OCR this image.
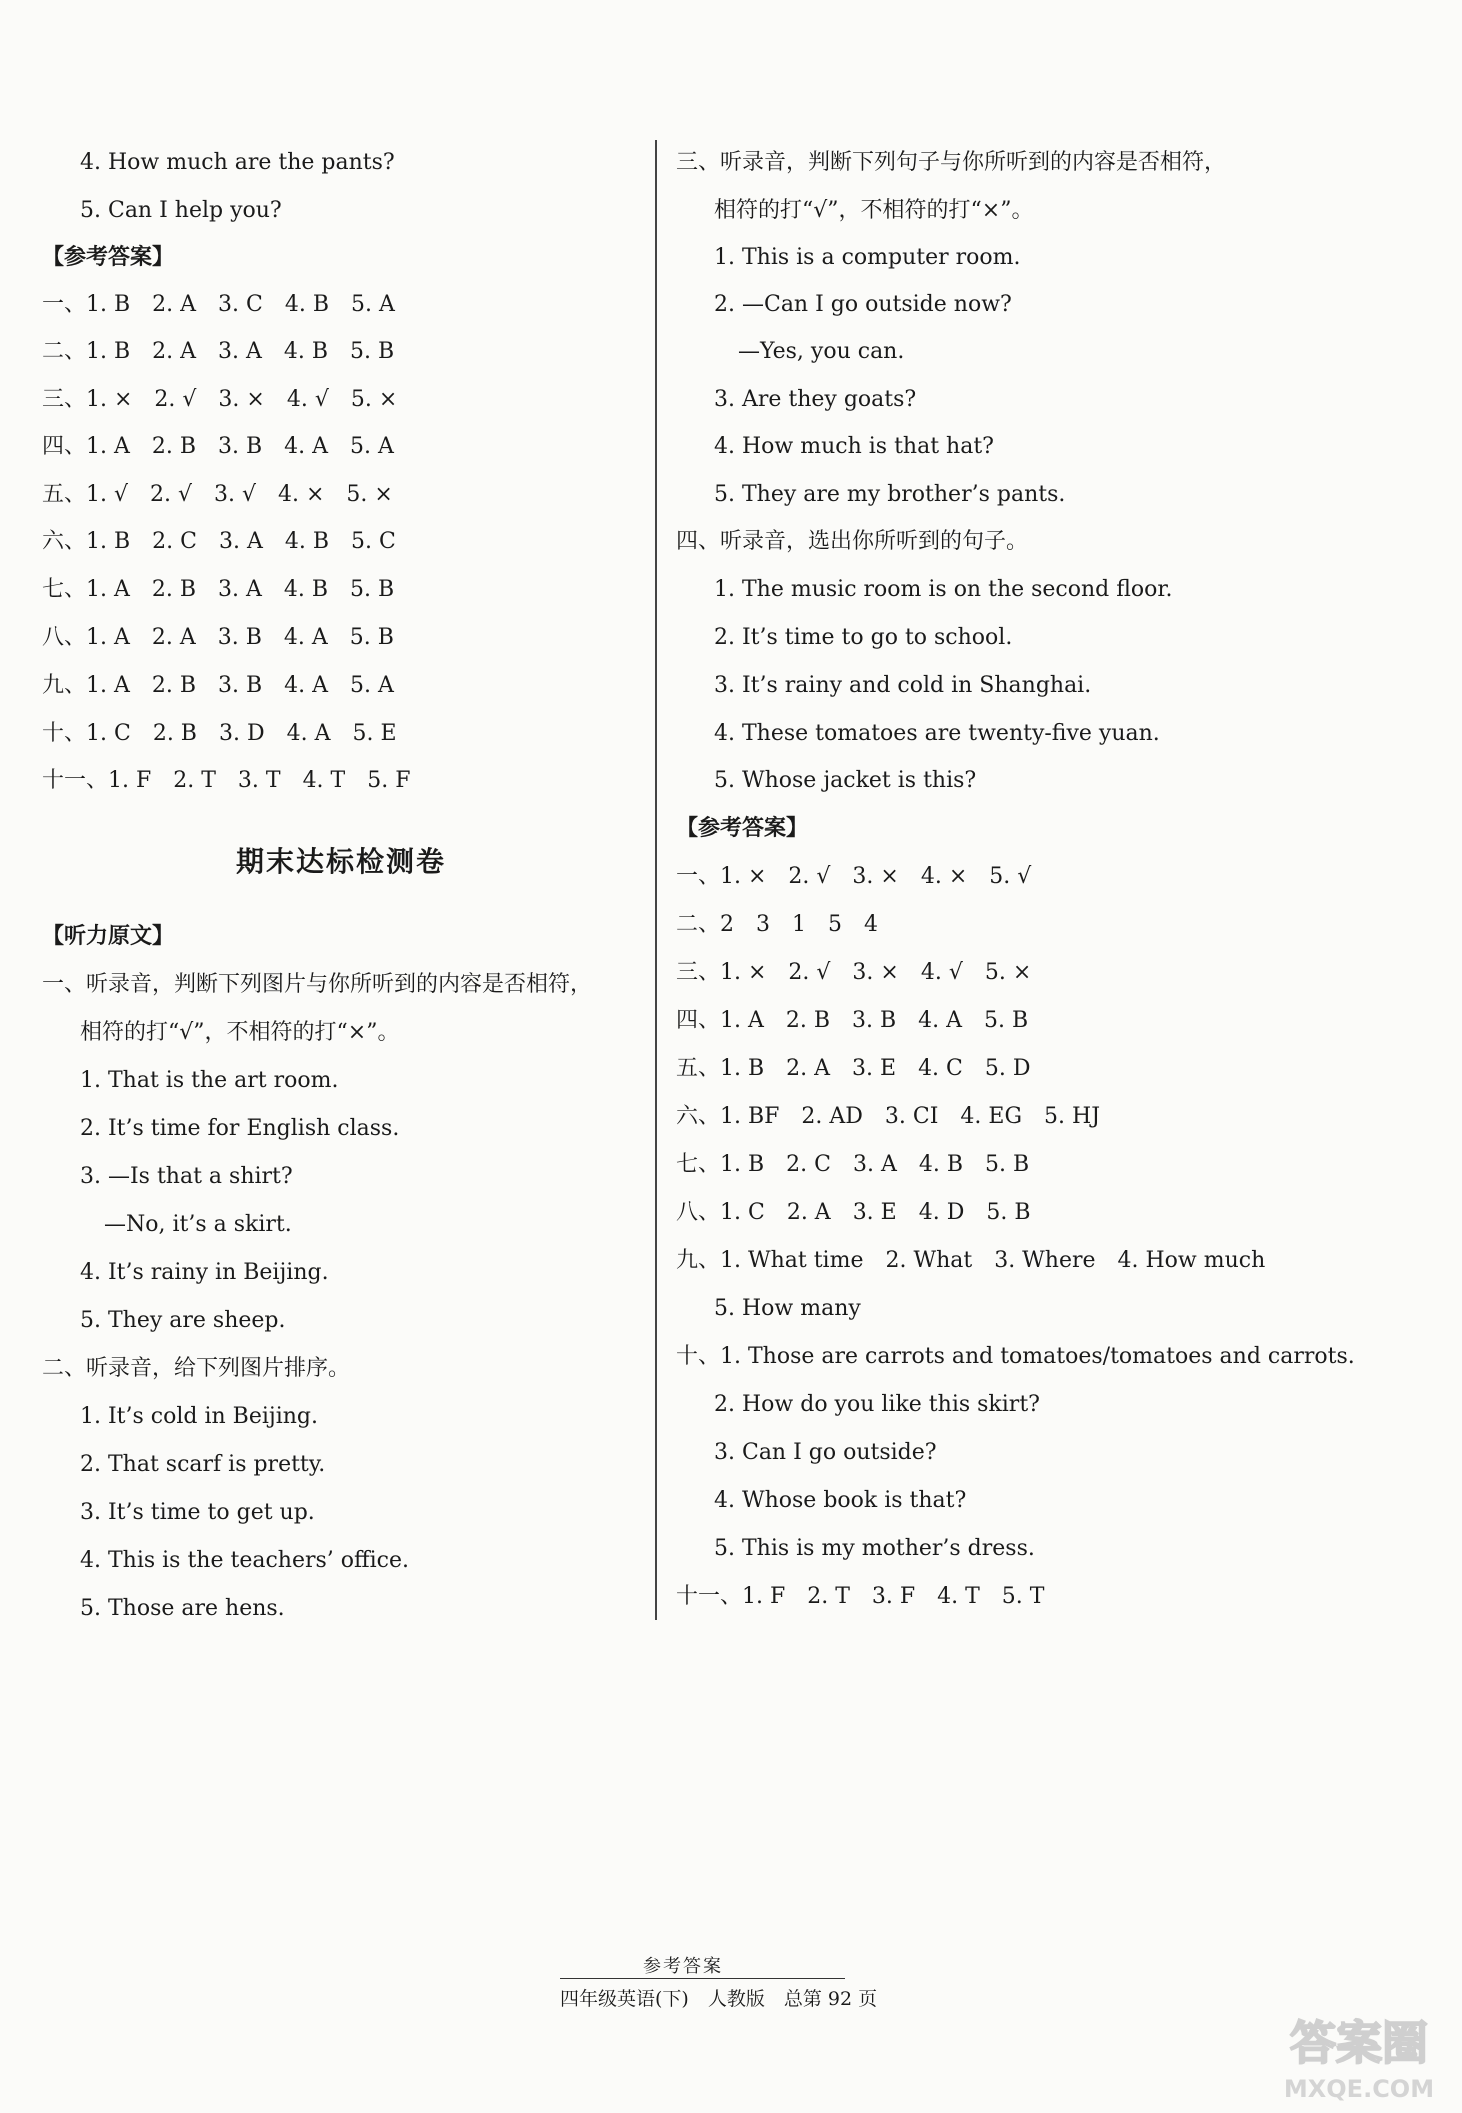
4. How much are the pants?
5. Can I help you?
【参考答案】
一、1. B　2. A　3. C　4. B　5. A
二、1. B　2. A　3. A　4. B　5. B
三、1. ×　2. √　3. ×　4. √　5. ×
四、1. A　2. B　3. B　4. A　5. A
五、1. √　2. √　3. √　4. ×　5. ×
六、1. B　2. C　3. A　4. B　5. C
七、1. A　2. B　3. A　4. B　5. B
八、1. A　2. A　3. B　4. A　5. B
九、1. A　2. B　3. B　4. A　5. A
十、1. C　2. B　3. D　4. A　5. E
十一、1. F　2. T　3. T　4. T　5. F
期末达标检测卷
【听力原文】
一、听录音，判断下列图片与你所听到的内容是否相符，
相符的打“√”，不相符的打“×”。
1. That is the art room.
2. It’s time for English class.
3. —Is that a shirt?
—No, it’s a skirt.
4. It’s rainy in Beijing.
5. They are sheep.
二、听录音，给下列图片排序。
1. It’s cold in Beijing.
2. That scarf is pretty.
3. It’s time to get up.
4. This is the teachers’ office.
5. Those are hens.
三、听录音，判断下列句子与你所听到的内容是否相符，
相符的打“√”，不相符的打“×”。
1. This is a computer room.
2. —Can I go outside now?
—Yes, you can.
3. Are they goats?
4. How much is that hat?
5. They are my brother’s pants.
四、听录音，选出你所听到的句子。
1. The music room is on the second floor.
2. It’s time to go to school.
3. It’s rainy and cold in Shanghai.
4. These tomatoes are twenty-five yuan.
5. Whose jacket is this?
【参考答案】
一、1. ×　2. √　3. ×　4. ×　5. √
二、2　3　1　5　4
三、1. ×　2. √　3. ×　4. √　5. ×
四、1. A　2. B　3. B　4. A　5. B
五、1. B　2. A　3. E　4. C　5. D
六、1. BF　2. AD　3. CI　4. EG　5. HJ
七、1. B　2. C　3. A　4. B　5. B
八、1. C　2. A　3. E　4. D　5. B
九、1. What time　2. What　3. Where　4. How much
5. How many
十、1. Those are carrots and tomatoes/tomatoes and carrots.
2. How do you like this skirt?
3. Can I go outside?
4. Whose book is that?
5. This is my mother’s dress.
十一、1. F　2. T　3. F　4. T　5. T
参考答案
四年级英语(下)　人教版　总第 92 页
答案圈
MXQE.COM
